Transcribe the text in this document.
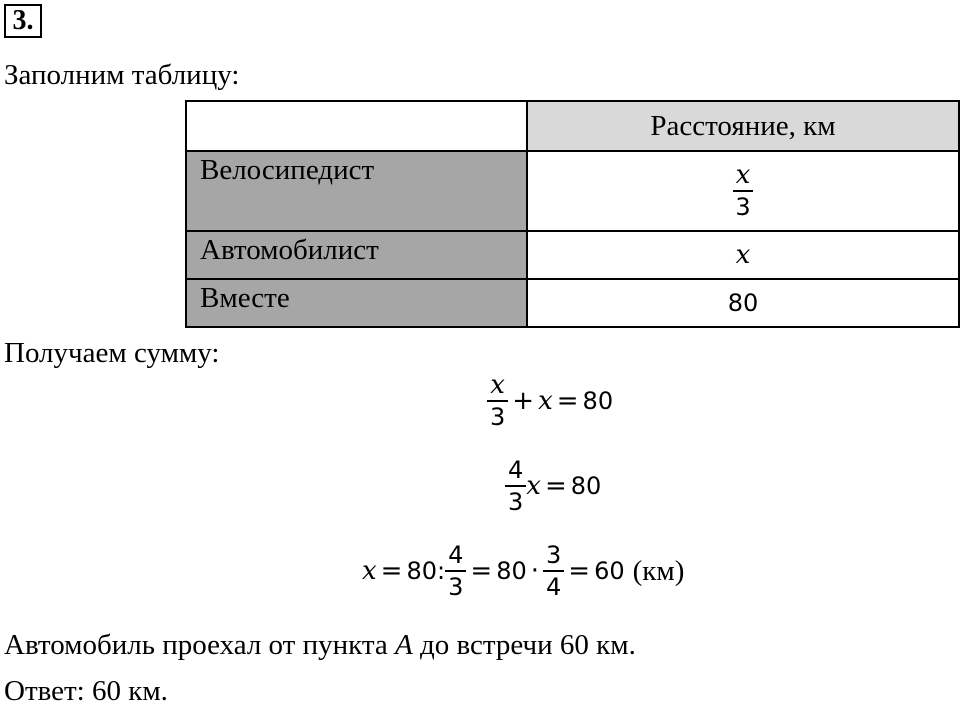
3.
Заполним таблицу:
	Расстояние, км
Велосипедист	$\frac{x}{3}$

Автомобилист	x
Вместе	80
Получаем сумму:
$\frac{x}{3} + x = 80$
$\frac{4}{3}$ x = 80
x = 80 : $\frac{4}{3} = 80 \cdot \frac{3}{4} = 60$ (км)
Автомобиль проехал от пункта A до встречи 60 км.
Ответ: 60 км.
